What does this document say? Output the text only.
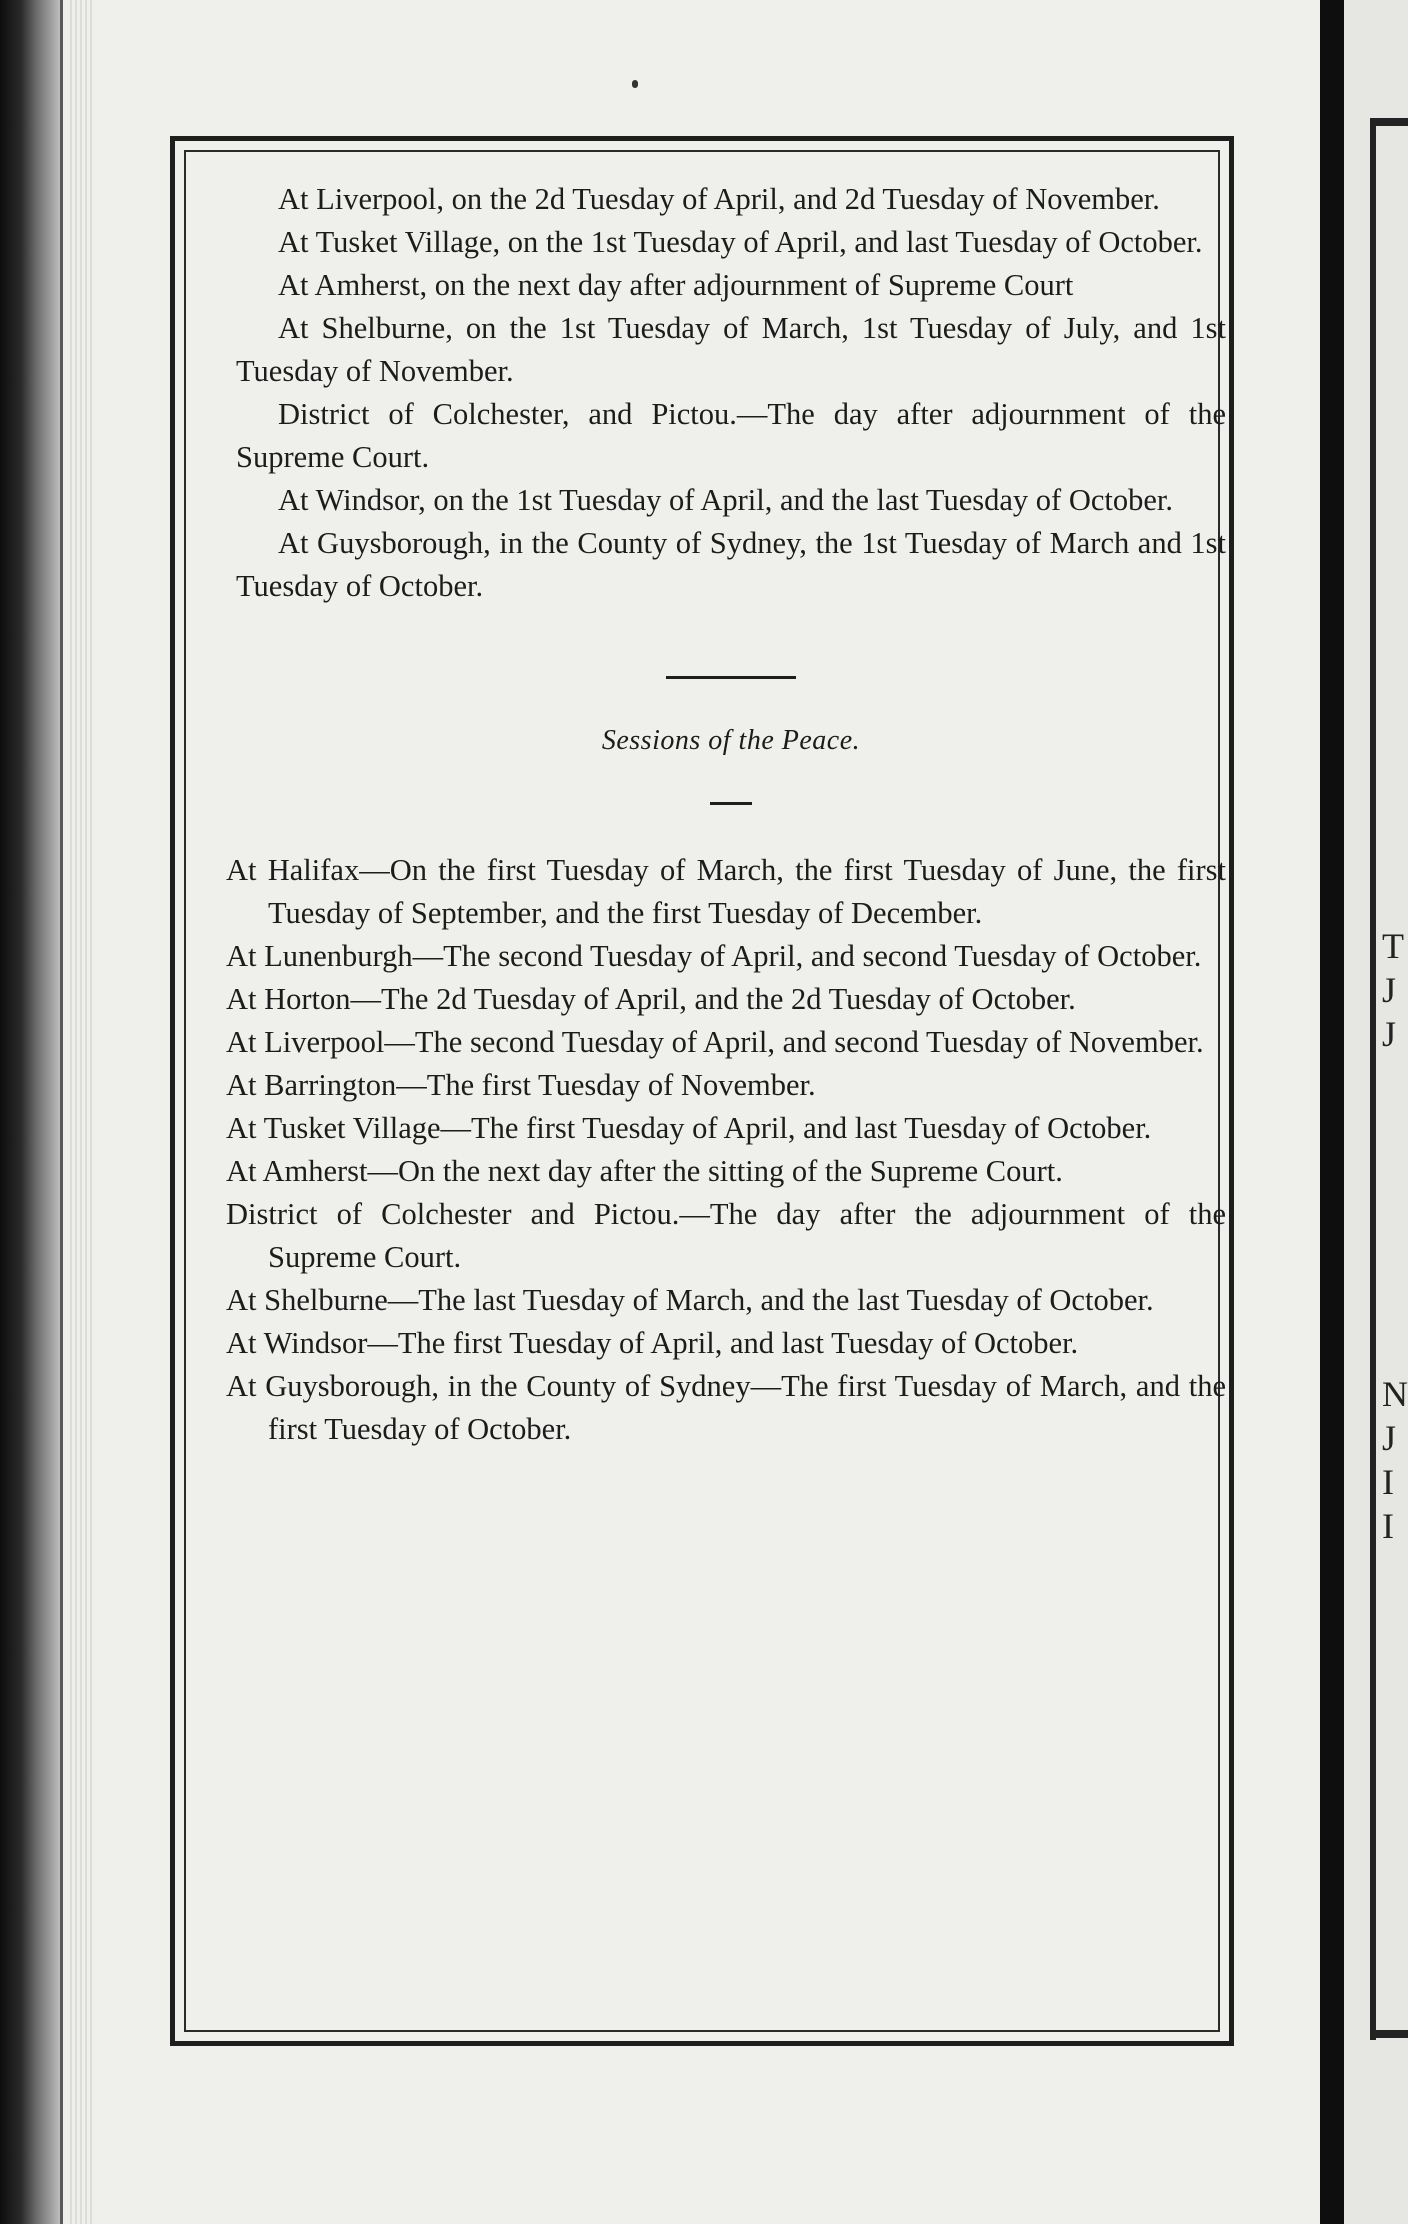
T
J
J
N
J
I
I

At Liverpool, on the 2d Tuesday of April, and 2d Tuesday of November.

At Tusket Village, on the 1st Tuesday of April, and last Tuesday of October.

At Amherst, on the next day after adjournment of Supreme Court

At Shelburne, on the 1st Tuesday of March, 1st Tuesday of July, and 1st Tuesday of November.

District of Colchester, and Pictou.—The day after adjournment of the Supreme Court.

At Windsor, on the 1st Tuesday of April, and the last Tuesday of October.

At Guysborough, in the County of Sydney, the 1st Tuesday of March and 1st Tuesday of October.

Sessions of the Peace.

At Halifax—On the first Tuesday of March, the first Tuesday of June, the first Tuesday of September, and the first Tuesday of December.

At Lunenburgh—The second Tuesday of April, and second Tuesday of October.

At Horton—The 2d Tuesday of April, and the 2d Tuesday of October.

At Liverpool—The second Tuesday of April, and second Tuesday of November.

At Barrington—The first Tuesday of November.

At Tusket Village—The first Tuesday of April, and last Tuesday of October.

At Amherst—On the next day after the sitting of the Supreme Court.

District of Colchester and Pictou.—The day after the adjournment of the Supreme Court.

At Shelburne—The last Tuesday of March, and the last Tuesday of October.

At Windsor—The first Tuesday of April, and last Tuesday of October.

At Guysborough, in the County of Sydney—The first Tuesday of March, and the first Tuesday of October.
